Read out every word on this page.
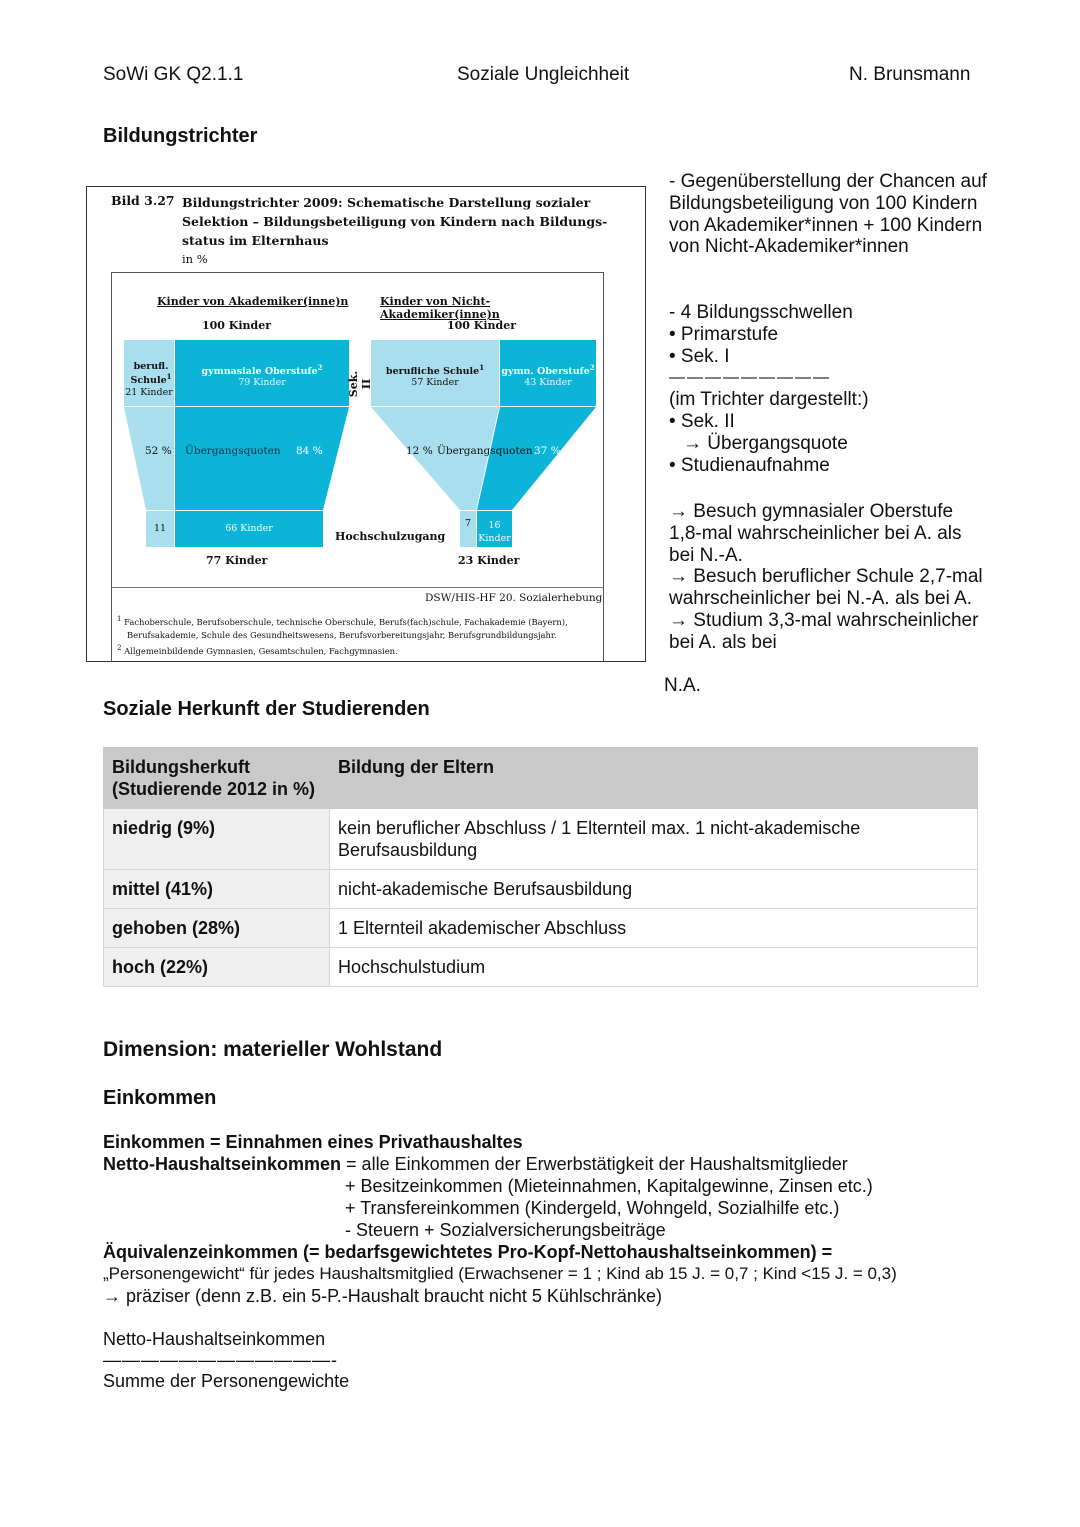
SoWi GK Q2.1.1	Soziale Ungleichheit	N. Brunsmann
Bildungstrichter
Bild 3.27 Bildungstrichter 2009: Schematische Darstellung sozialer
Selektion – Bildungsbeteiligung von Kindern nach Bildungs-
status im Elternhaus
in %
Kinder von Akademiker(inne)n
100 Kinder
berufl.
Schule$^1$
21 Kinder
gymnasiale Oberstufe$^2$
79 Kinder
52 % Übergangsquoten 84 %
11	66 Kinder
77 Kinder
Sek. II
Kinder von Nicht-Akademiker(inne)n
100 Kinder
berufliche Schule$^1$
57 Kinder
gymn. Oberstufe$^2$
43 Kinder
12 % Übergangsquoten 37 %
7	16
Kinder
23 Kinder
Hochschulzugang
DSW/HIS-HF 20. Sozialerhebung
$^1$ Fachoberschule, Berufsoberschule, technische Oberschule, Berufs(fach)schule, Fachakademie (Bayern),
Berufsakademie, Schule des Gesundheitswesens, Berufsvorbereitungsjahr, Berufsgrundbildungsjahr.
$^2$ Allgemeinbildende Gymnasien, Gesamtschulen, Fachgymnasien.
- Gegenüberstellung der Chancen auf Bildungsbeteiligung von 100 Kindern von Akademiker*innen + 100 Kindern von Nicht-Akademiker*innen
- 4 Bildungsschwellen
• Primarstufe
• Sek. I
—————————
(im Trichter dargestellt:)
• Sek. II
→ Übergangsquote
• Studienaufnahme
→ Besuch gymnasialer Oberstufe 1,8-mal wahrscheinlicher bei A. als bei N.-A.
→ Besuch beruflicher Schule 2,7-mal wahrscheinlicher bei N.-A. als bei A.
→ Studium 3,3-mal wahrscheinlicher bei A. als bei
N.A.
Soziale Herkunft der Studierenden
Bildungsherkuft (Studierende 2012 in %)	Bildung der Eltern
niedrig (9%)	kein beruflicher Abschluss / 1 Elternteil max. 1 nicht-akademische Berufsausbildung
mittel (41%)	nicht-akademische Berufsausbildung
gehoben (28%)	1 Elternteil akademischer Abschluss
hoch (22%)	Hochschulstudium
Dimension: materieller Wohlstand
Einkommen
Einkommen = Einnahmen eines Privathaushaltes
Netto-Haushaltseinkommen = alle Einkommen der Erwerbstätigkeit der Haushaltsmitglieder
+ Besitzeinkommen (Mieteinnahmen, Kapitalgewinne, Zinsen etc.)
+ Transfereinkommen (Kindergeld, Wohngeld, Sozialhilfe etc.)
- Steuern + Sozialversicherungsbeiträge
Äquivalenzeinkommen (= bedarfsgewichtetes Pro-Kopf-Nettohaushaltseinkommen) =
„Personengewicht“ für jedes Haushaltsmitglied (Erwachsener = 1 ; Kind ab 15 J. = 0,7 ; Kind <15 J. = 0,3)
→ präziser (denn z.B. ein 5-P.-Haushalt braucht nicht 5 Kühlschränke)
Netto-Haushaltseinkommen
————————————-
Summe der Personengewichte
